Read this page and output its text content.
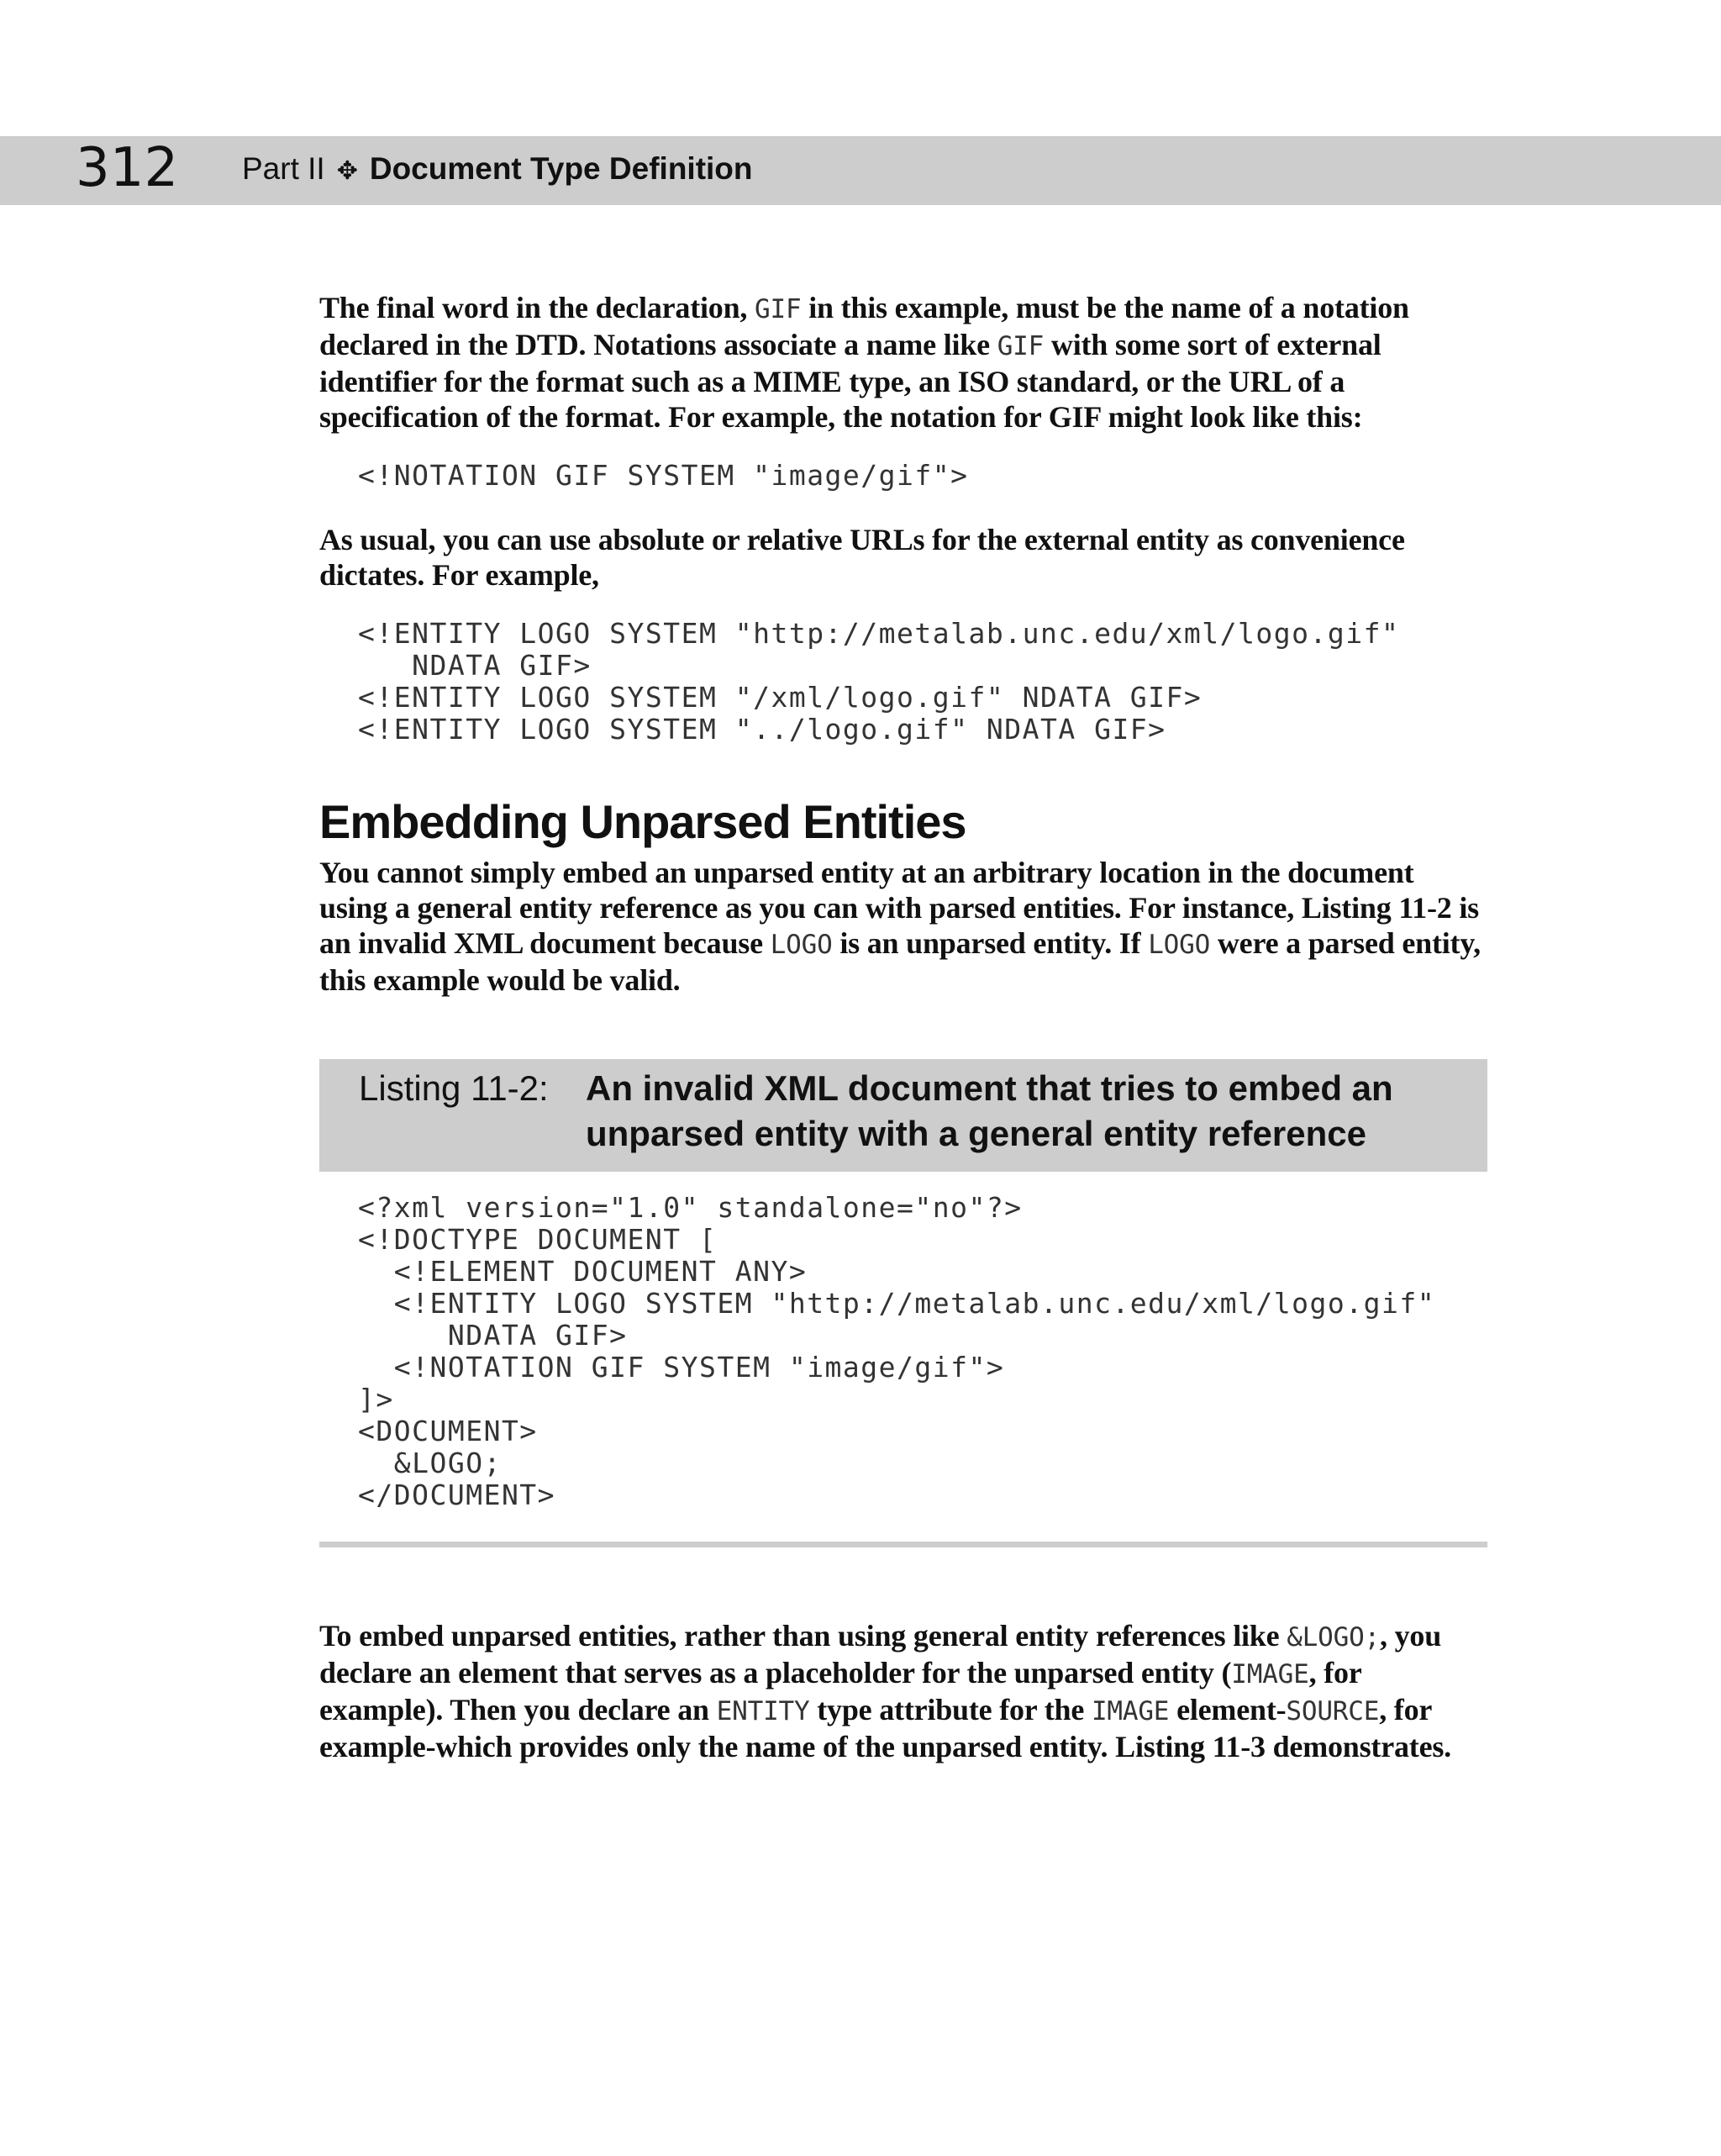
312 Part II ✥ Document Type Definition

The final word in the declaration, GIF in this example, must be the name of a notation declared in the DTD. Notations associate a name like GIF with some sort of external identifier for the format such as a MIME type, an ISO standard, or the URL of a specification of the format. For example, the notation for GIF might look like this:

<!NOTATION GIF SYSTEM "image/gif">

As usual, you can use absolute or relative URLs for the external entity as convenience dictates. For example,

<!ENTITY LOGO SYSTEM "http://metalab.unc.edu/xml/logo.gif"
NDATA GIF>
<!ENTITY LOGO SYSTEM "/xml/logo.gif" NDATA GIF>
<!ENTITY LOGO SYSTEM "../logo.gif" NDATA GIF>
Embedding Unparsed Entities

You cannot simply embed an unparsed entity at an arbitrary location in the document using a general entity reference as you can with parsed entities. For instance, Listing 11-2 is an invalid XML document because LOGO is an unparsed entity. If LOGO were a parsed entity, this example would be valid.

Listing 11-2: An invalid XML document that tries to embed an unparsed entity with a general entity reference
<?xml version="1.0" standalone="no"?>
<!DOCTYPE DOCUMENT [
<!ELEMENT DOCUMENT ANY>
<!ENTITY LOGO SYSTEM "http://metalab.unc.edu/xml/logo.gif"
NDATA GIF>
<!NOTATION GIF SYSTEM "image/gif">
]>
<DOCUMENT>
&LOGO;
</DOCUMENT>

To embed unparsed entities, rather than using general entity references like &LOGO;, you declare an element that serves as a placeholder for the unparsed entity (IMAGE, for example). Then you declare an ENTITY type attribute for the IMAGE element-SOURCE, for example-which provides only the name of the unparsed entity. Listing 11-3 demonstrates.
